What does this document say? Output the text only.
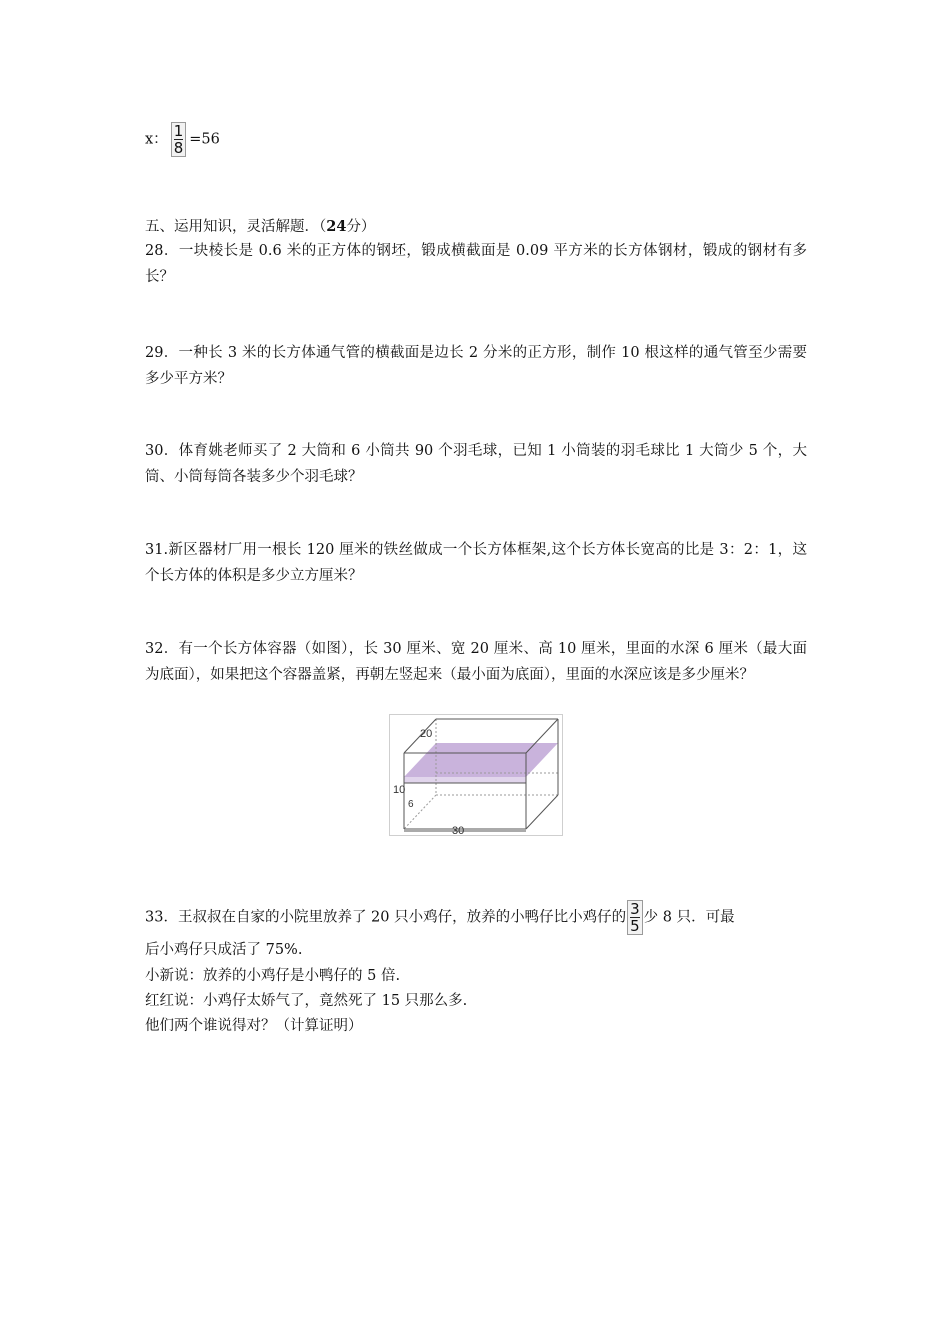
x： $\frac{1}{8} =56$
五、运用知识，灵活解题．（24分）
28．一块棱长是 0.6 米的正方体的钢坯，锻成横截面是 0.09 平方米的长方体钢材，锻成的钢材有多长？
29．一种长 3 米的长方体通气管的横截面是边长 2 分米的正方形，制作 10 根这样的通气管至少需要多少平方米？
30．体育姚老师买了 2 大筒和 6 小筒共 90 个羽毛球，已知 1 小筒装的羽毛球比 1 大筒少 5 个，大筒、小筒每筒各装多少个羽毛球？
31.新区器材厂用一根长 120 厘米的铁丝做成一个长方体框架,这个长方体长宽高的比是 3：2：1，这个长方体的体积是多少立方厘米？
32．有一个长方体容器（如图），长 30 厘米、宽 20 厘米、高 10 厘米，里面的水深 6 厘米（最大面为底面），如果把这个容器盖紧，再朝左竖起来（最小面为底面），里面的水深应该是多少厘米？
20
10
6
30
33．王叔叔在自家的小院里放养了 20 只小鸡仔，放养的小鸭仔比小鸡仔的 $\frac{3}{5}$ 少 8 只．可最
后小鸡仔只成活了 75%.
小新说：放养的小鸡仔是小鸭仔的 5 倍.
红红说：小鸡仔太娇气了，竟然死了 15 只那么多.
他们两个谁说得对？（计算证明）
